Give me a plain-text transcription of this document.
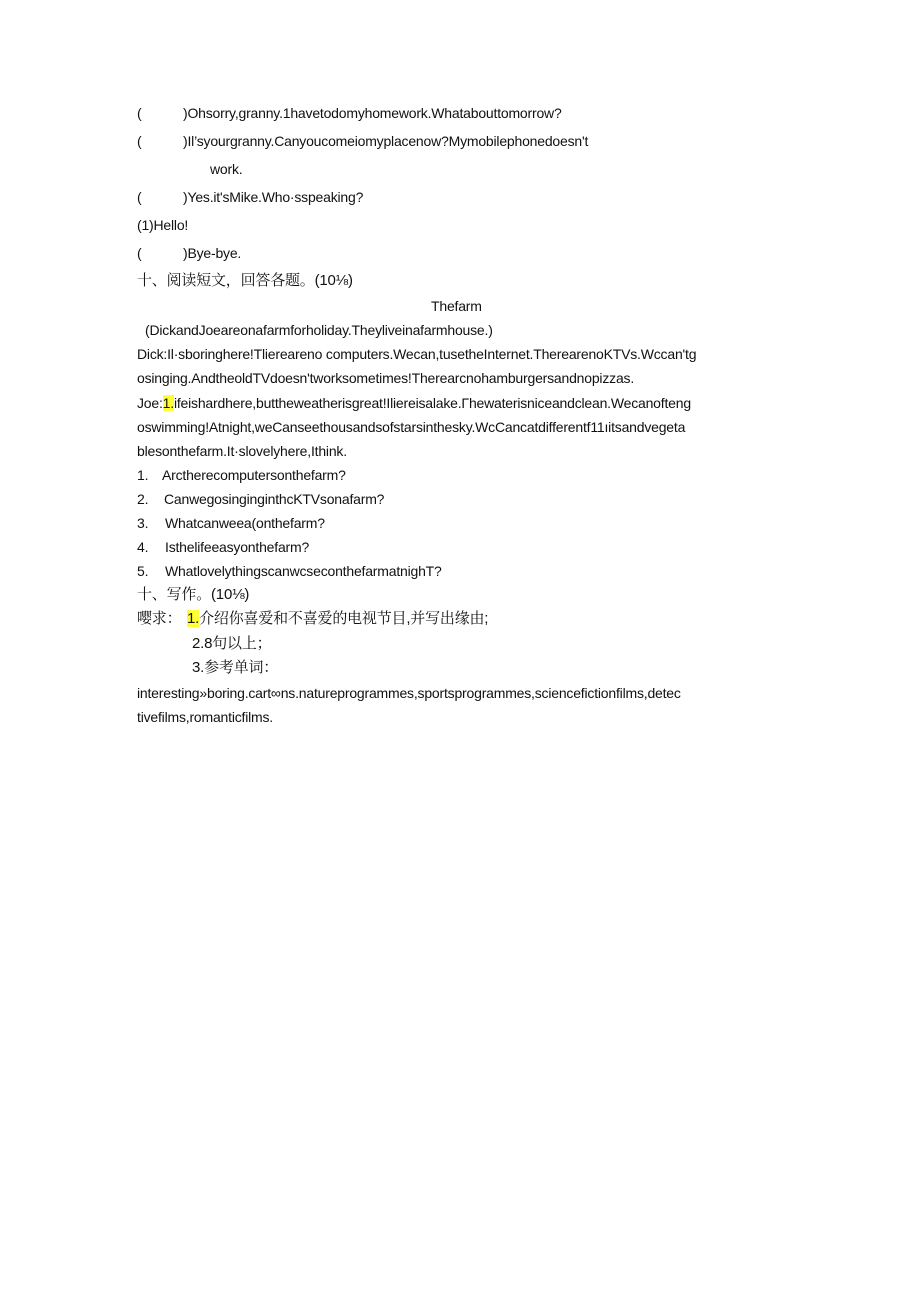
(	)Ohsorry,granny.1havetodomyhomework.Whatabouttomorrow?
(	)Il’syourgranny.Canyoucomeiomyplacenow?Mymobilephonedoesn't
work.
(	)Yes.it'sMike.Who·sspeaking?
(1)Hello!
(	)Bye-bye.
十、阅读短文，回答各题。(10⅛)
Thefarm
(DickandJoeareonafarmforholiday.Theyliveinafarmhouse.)
Dick:Il·sboringhere!Tliereareno computers.Wecan,tusetheInternet.TherearenoKTVs.Wccan'tg
osinging.AndtheoldTVdoesn'tworksometimes!Therearcnohamburgersandnopizzas.
Joe:1.ifeishardhere,buttheweatherisgreat!Iliereisalake.Γhewaterisniceandclean.Wecanofteng
oswimming!Atnight,weCanseethousandsofstarsinthesky.WcCancatdifferentf11ıitsandvegeta
blesonthefarm.It·slovelyhere,Ithink.
1. Arctherecomputersonthefarm?
2. CanwegosinginginthcKTVsonafarm?
3. Whatcanweea(onthefarm?
4. Isthelifeeasyonthefarm?
5. WhatlovelythingscanwcseconthefarmatnighT?
十、写作。(10⅛)
嘤求： 1.介绍你喜爱和不喜爱的电视节目,并写出缘由;
2.8句以上；
3.参考单词：
interesting»boring.cart∞ns.natureprogrammes,sportsprogrammes,sciencefictionfilms,detec
tivefilms,romanticfilms.
